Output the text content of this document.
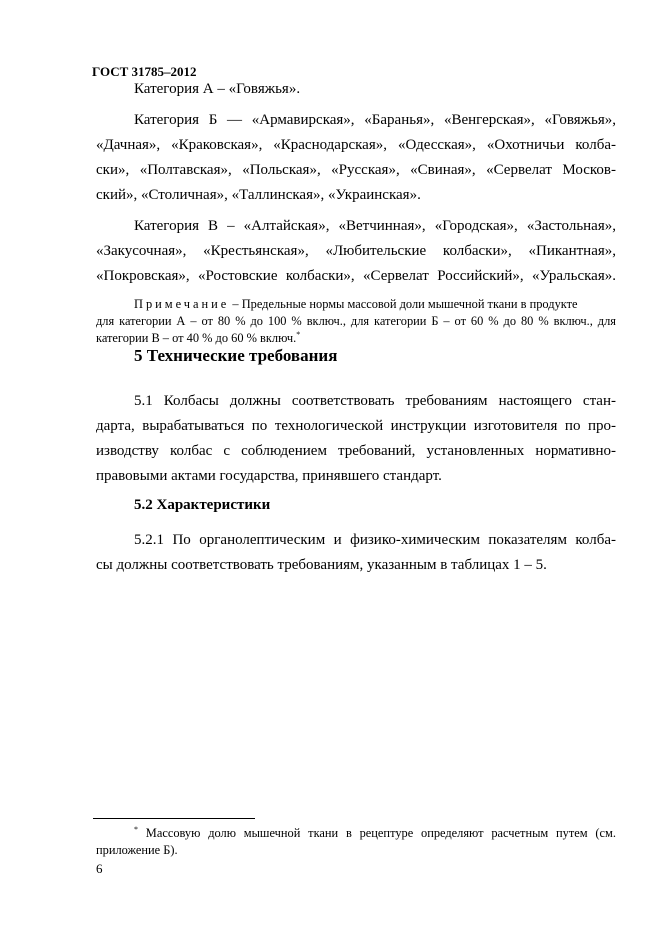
ГОСТ 31785–2012
Категория А – «Говяжья».
Категория Б — «Армавирская», «Баранья», «Венгерская», «Говяжья»,
«Дачная», «Краковская», «Краснодарская», «Одесская», «Охотничьи колба-
ски», «Полтавская», «Польская», «Русская», «Свиная», «Сервелат Москов-
ский», «Столичная», «Таллинская», «Украинская».
Категория В – «Алтайская», «Ветчинная», «Городская», «Застольная»,
«Закусочная», «Крестьянская», «Любительские колбаски», «Пикантная»,
«Покровская», «Ростовские колбаски», «Сервелат Российский», «Уральская».
Примечание – Предельные нормы массовой доли мышечной ткани в продукте
для категории А – от 80 % до 100 % включ., для категории Б – от 60 % до 80 % включ., для
категории В – от 40 % до 60 % включ.*
5 Технические требования
5.1 Колбасы должны соответствовать требованиям настоящего стан-
дарта, вырабатываться по технологической инструкции изготовителя по про-
изводству колбас с соблюдением требований, установленных нормативно-
правовыми актами государства, принявшего стандарт.
5.2 Характеристики
5.2.1 По органолептическим и физико-химическим показателям колба-
сы должны соответствовать требованиям, указанным в таблицах 1 – 5.
* Массовую долю мышечной ткани в рецептуре определяют расчетным путем (см.
приложение Б).
6
